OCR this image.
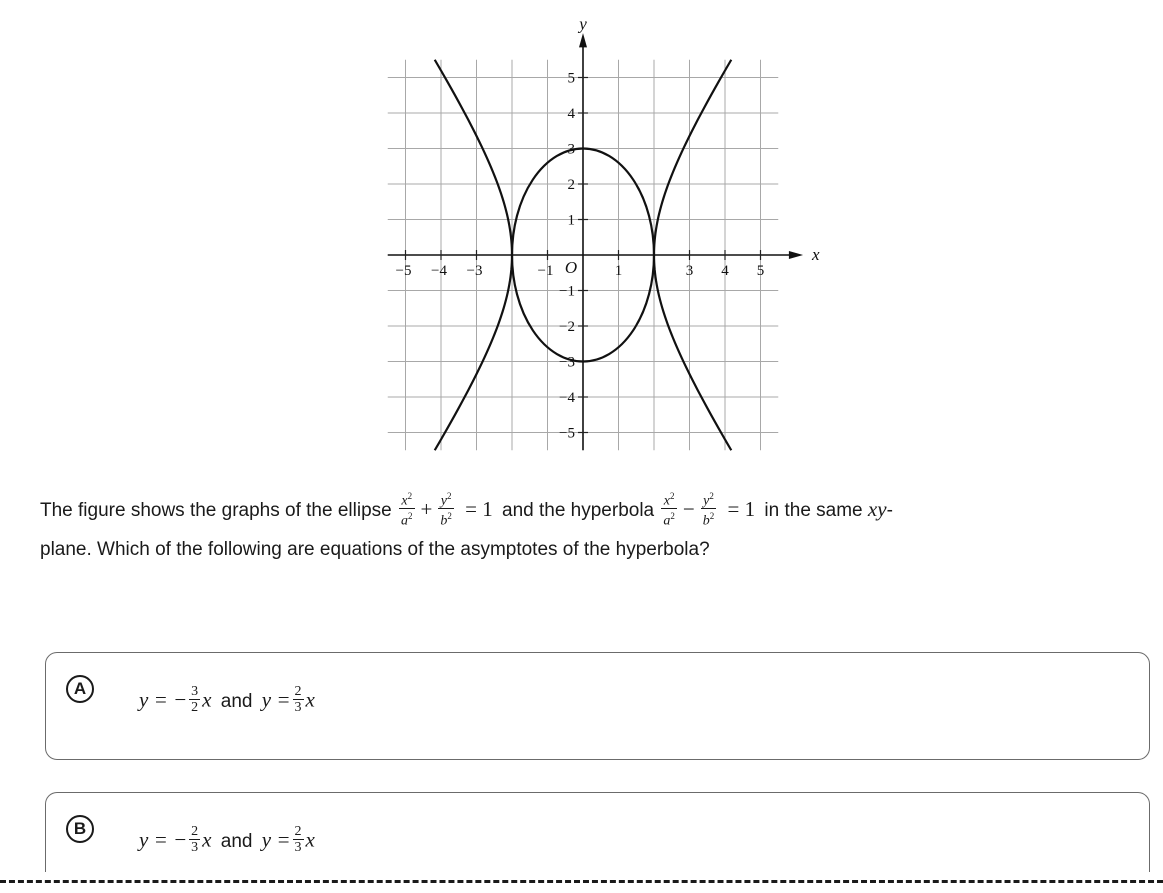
−5 −4 −3	−1	1	3 4 5
5
4
3
2
1
−1
−2
−3
−4
−5
O
x
y
The figure shows the graphs of the ellipse $\frac{x^2}{a^2} + \frac{y^2}{b^2} = 1$ and the hyperbola $\frac{x^2}{a^2} - \frac{y^2}{b^2} = 1$ in the same xy-
plane. Which of the following are equations of the asymptotes of the hyperbola?
A	y = − $\frac{3}{2}$ x and $y = \frac{2}{3}$ x
B	y = − $\frac{2}{3}$ x and $y = \frac{2}{3}$ x
